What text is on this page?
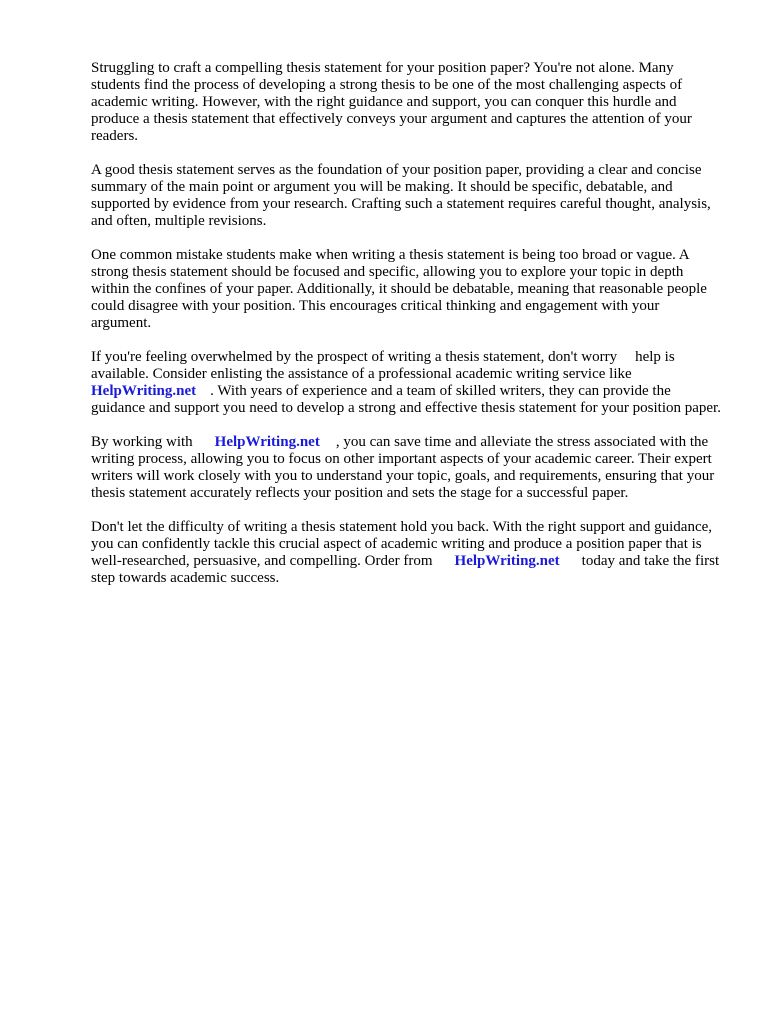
Struggling to craft a compelling thesis statement for your position paper? You're not alone. Many students find the process of developing a strong thesis to be one of the most challenging aspects of academic writing. However, with the right guidance and support, you can conquer this hurdle and produce a thesis statement that effectively conveys your argument and captures the attention of your readers.

A good thesis statement serves as the foundation of your position paper, providing a clear and concise summary of the main point or argument you will be making. It should be specific, debatable, and supported by evidence from your research. Crafting such a statement requires careful thought, analysis, and often, multiple revisions.

One common mistake students make when writing a thesis statement is being too broad or vague. A strong thesis statement should be focused and specific, allowing you to explore your topic in depth within the confines of your paper. Additionally, it should be debatable, meaning that reasonable people could disagree with your position. This encourages critical thinking and engagement with your argument.

If you're feeling overwhelmed by the prospect of writing a thesis statement, don't worry help is available. Consider enlisting the assistance of a professional academic writing service like HelpWriting.net . With years of experience and a team of skilled writers, they can provide the guidance and support you need to develop a strong and effective thesis statement for your position paper.

By working with HelpWriting.net , you can save time and alleviate the stress associated with the writing process, allowing you to focus on other important aspects of your academic career. Their expert writers will work closely with you to understand your topic, goals, and requirements, ensuring that your thesis statement accurately reflects your position and sets the stage for a successful paper.

Don't let the difficulty of writing a thesis statement hold you back. With the right support and guidance, you can confidently tackle this crucial aspect of academic writing and produce a position paper that is well-researched, persuasive, and compelling. Order from HelpWriting.net today and take the first step towards academic success.
